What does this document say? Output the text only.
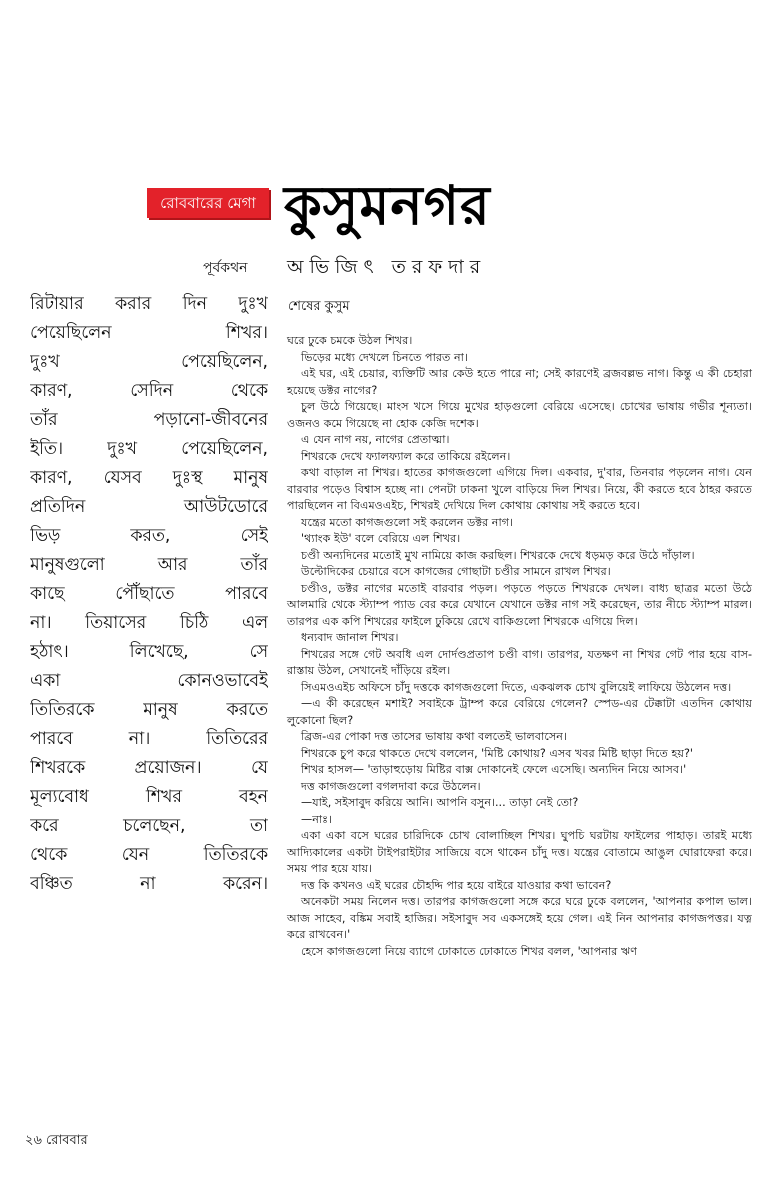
রোববারের মেগা কুসুমনগর
পূর্বকথন অভিজিৎ তরফদার
রিটায়ার করার দিন দুঃখ
পেয়েছিলেন শিখর।
দুঃখ পেয়েছিলেন,
কারণ, সেদিন থেকে
তাঁর পড়ানো-জীবনের
ইতি। দুঃখ পেয়েছিলেন,
কারণ, যেসব দুঃস্থ মানুষ
প্রতিদিন আউটডোরে
ভিড় করত, সেই
মানুষগুলো আর তাঁর
কাছে পৌঁছাতে পারবে
না। তিয়াসের চিঠি এল
হঠাৎ। লিখেছে, সে
একা কোনওভাবেই
তিতিরকে মানুষ করতে
পারবে না। তিতিরের
শিখরকে প্রয়োজন। যে
মূল্যবোধ শিখর বহন
করে চলেছেন, তা
থেকে যেন তিতিরকে
বঞ্চিত না করেন।
শেষের কুসুম

ঘরে ঢুকে চমকে উঠল শিখর।

ভিড়ের মধ্যে দেখলে চিনতে পারত না।

এই ঘর, এই চেয়ার, ব্যক্তিটি আর কেউ হতে পারে না; সেই কারণেই ব্রজবল্লভ নাগ। কিন্তু এ কী চেহারা হয়েছে ডক্টর নাগের?

চুল উঠে গিয়েছে। মাংস খসে গিয়ে মুখের হাড়গুলো বেরিয়ে এসেছে। চোখের ভাষায় গভীর শূন্যতা। ওজনও কমে গিয়েছে না হোক কেজি দশেক।

এ যেন নাগ নয়, নাগের প্রেতাত্মা।

শিখরকে দেখে ফ্যালফ্যাল করে তাকিয়ে রইলেন।

কথা বাড়াল না শিখর। হাতের কাগজগুলো এগিয়ে দিল। একবার, দু'বার, তিনবার পড়লেন নাগ। যেন বারবার পড়েও বিশ্বাস হচ্ছে না। পেনটা ঢাকনা খুলে বাড়িয়ে দিল শিখর। নিয়ে, কী করতে হবে ঠাহর করতে পারছিলেন না বিএমওএইচ, শিখরই দেখিয়ে দিল কোথায় কোথায় সই করতে হবে।

যন্ত্রের মতো কাগজগুলো সই করলেন ডক্টর নাগ।

'থ্যাংক ইউ' বলে বেরিয়ে এল শিখর।

চণ্ডী অন্যদিনের মতোই মুখ নামিয়ে কাজ করছিল। শিখরকে দেখে ধড়মড় করে উঠে দাঁড়াল।

উল্টোদিকের চেয়ারে বসে কাগজের গোছাটা চণ্ডীর সামনে রাখল শিখর।

চণ্ডীও, ডক্টর নাগের মতোই বারবার পড়ল। পড়তে পড়তে শিখরকে দেখল। বাধ্য ছাত্রর মতো উঠে আলমারি থেকে স্ট্যাম্প প্যাড বের করে যেখানে যেখানে ডক্টর নাগ সই করেছেন, তার নীচে স্ট্যাম্প মারল। তারপর এক কপি শিখরের ফাইলে ঢুকিয়ে রেখে বাকিগুলো শিখরকে এগিয়ে দিল।

ধন্যবাদ জানাল শিখর।

শিখরের সঙ্গে গেট অবধি এল দোর্দণ্ডপ্রতাপ চণ্ডী বাগ। তারপর, যতক্ষণ না শিখর গেট পার হয়ে বাস-রাস্তায় উঠল, সেখানেই দাঁড়িয়ে রইল।

সিএমওএইচ অফিসে চাঁদু দত্তকে কাগজগুলো দিতে, একঝলক চোখ বুলিয়েই লাফিয়ে উঠলেন দত্ত।

—এ কী করেছেন মশাই? সবাইকে ট্রাম্প করে বেরিয়ে গেলেন? স্পেড-এর টেক্কাটা এতদিন কোথায় লুকোনো ছিল?

ব্রিজ-এর পোকা দত্ত তাসের ভাষায় কথা বলতেই ভালবাসেন।

শিখরকে চুপ করে থাকতে দেখে বললেন, 'মিষ্টি কোথায়? এসব খবর মিষ্টি ছাড়া দিতে হয়?'

শিখর হাসল— 'তাড়াহুড়োয় মিষ্টির বাক্স দোকানেই ফেলে এসেছি। অন্যদিন নিয়ে আসব।'

দত্ত কাগজগুলো বগলদাবা করে উঠলেন।

—যাই, সইসাবুদ করিয়ে আনি। আপনি বসুন।... তাড়া নেই তো?

—নাঃ।

একা একা বসে ঘরের চারিদিকে চোখ বোলাচ্ছিল শিখর। ঘুপচি ঘরটায় ফাইলের পাহাড়। তারই মধ্যে আদ্যিকালের একটা টাইপরাইটার সাজিয়ে বসে থাকেন চাঁদু দত্ত। যন্ত্রের বোতামে আঙুল ঘোরাফেরা করে। সময় পার হয়ে যায়।

দত্ত কি কখনও এই ঘরের চৌহদ্দি পার হয়ে বাইরে যাওয়ার কথা ভাবেন?

অনেকটা সময় নিলেন দত্ত। তারপর কাগজগুলো সঙ্গে করে ঘরে ঢুকে বললেন, 'আপনার কপাল ভাল। আজ সাহেব, বঙ্কিম সবাই হাজির। সইসাবুদ সব একসঙ্গেই হয়ে গেল। এই নিন আপনার কাগজপত্তর। যত্ন করে রাখবেন।'

হেসে কাগজগুলো নিয়ে ব্যাগে ঢোকাতে ঢোকাতে শিখর বলল, 'আপনার ঋণ

২৬ রোববার
